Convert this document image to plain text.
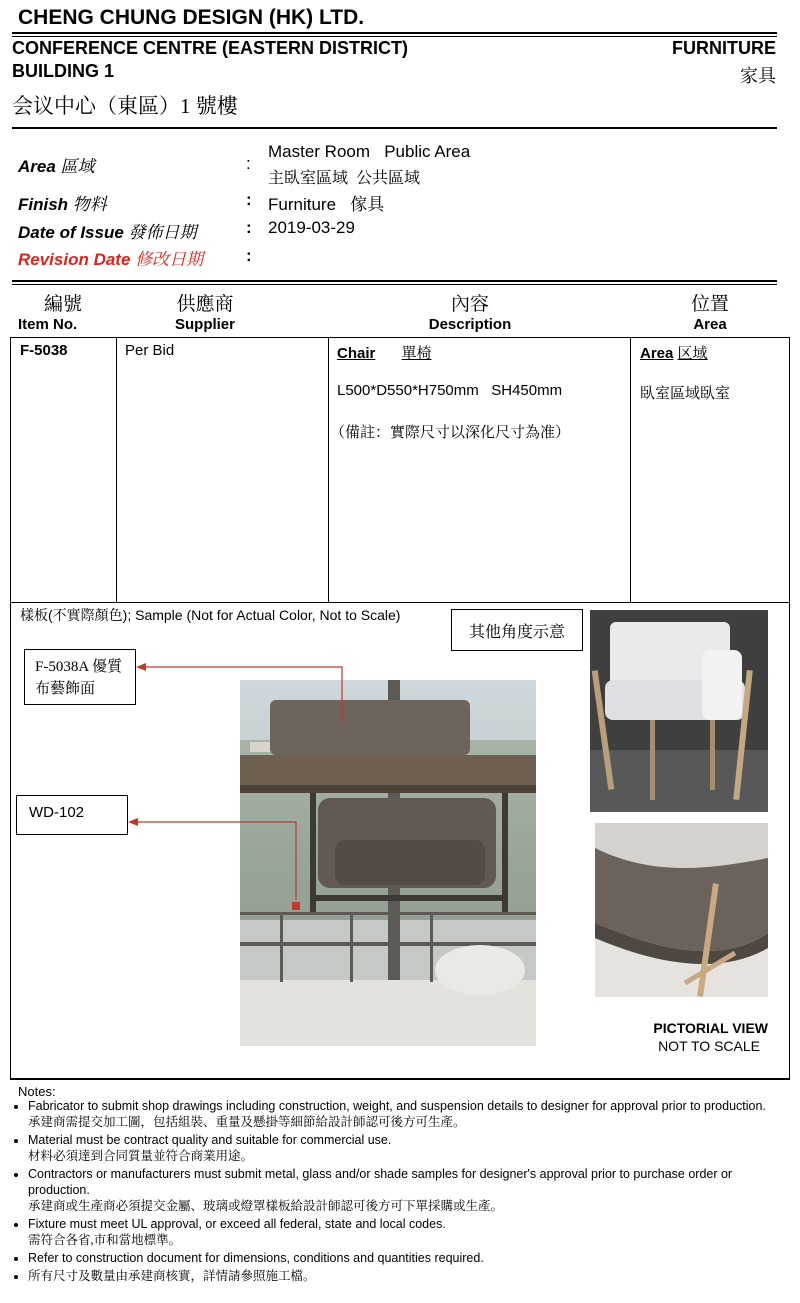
CHENG CHUNG DESIGN (HK) LTD.
CONFERENCE CENTRE (EASTERN DISTRICT)
BUILDING 1
会议中心（東區）1 號樓
FURNITURE
家具
Area 區域	:
Master Room   Public Area
主臥室區域  公共區域
Finish 物料	: Furniture   傢具
Date of Issue 發佈日期	: 2019-03-29
Revision Date 修改日期	:
編號
Item No.
供應商
Supplier
內容
Description
位置
Area
F-5038	Per Bid	Chair 單椅
L500*D550*H750mm   SH450mm
（備註：實際尺寸以深化尺寸為准）
Area 区域
臥室區域臥室
樣板(不實際顏色); Sample (Not for Actual Color, Not to Scale)
其他角度示意
F-5038A 優質布藝飾面
WD-102
PICTORIAL VIEW
NOT TO SCALE
Notes:
• Fabricator to submit shop drawings including construction, weight, and suspension details to designer for approval prior to production.
承建商需提交加工圖，包括組裝、重量及懸掛等細節給設計師認可後方可生產。
• Material must be contract quality and suitable for commercial use.
材料必須達到合同質量並符合商業用途。
• Contractors or manufacturers must submit metal, glass and/or shade samples for designer's approval prior to purchase order or production.
承建商或生產商必須提交金屬、玻璃或燈罩樣板給設計師認可後方可下單採購或生產。
• Fixture must meet UL approval, or exceed all federal, state and local codes.
需符合各省,市和當地標準。
• Refer to construction document for dimensions, conditions and quantities required.
• 所有尺寸及數量由承建商核實，詳情請參照施工檔。
